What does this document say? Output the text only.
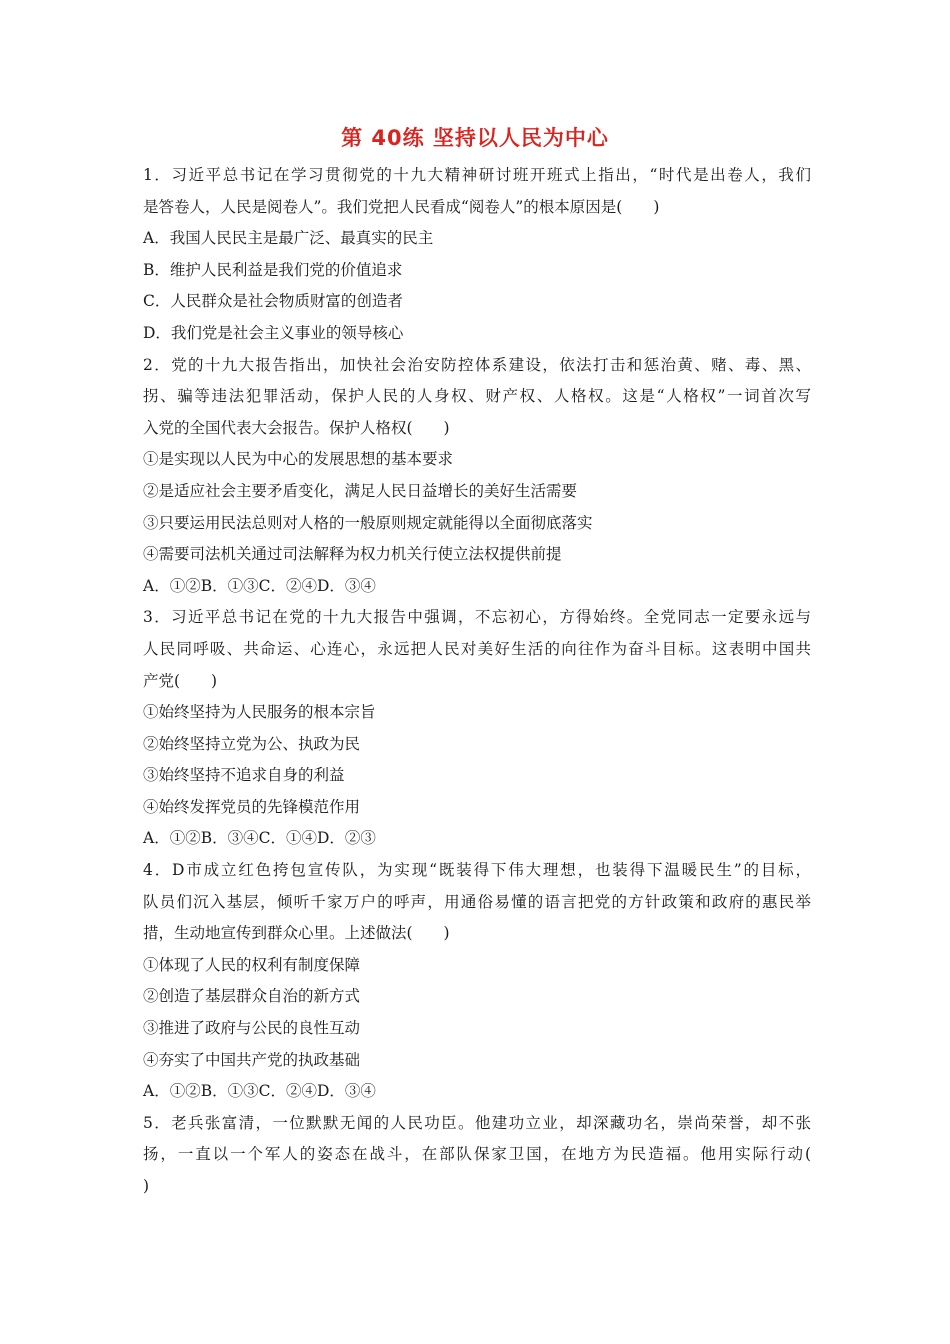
第 40练 坚持以人民为中心
1．习近平总书记在学习贯彻党的十九大精神研讨班开班式上指出，“时代是出卷人，我们
是答卷人，人民是阅卷人”。我们党把人民看成“阅卷人”的根本原因是(　　)
A．我国人民民主是最广泛、最真实的民主
B．维护人民利益是我们党的价值追求
C．人民群众是社会物质财富的创造者
D．我们党是社会主义事业的领导核心
2．党的十九大报告指出，加快社会治安防控体系建设，依法打击和惩治黄、赌、毒、黑、
拐、骗等违法犯罪活动，保护人民的人身权、财产权、人格权。这是“人格权”一词首次写
入党的全国代表大会报告。保护人格权(　　)
①是实现以人民为中心的发展思想的基本要求
②是适应社会主要矛盾变化，满足人民日益增长的美好生活需要
③只要运用民法总则对人格的一般原则规定就能得以全面彻底落实
④需要司法机关通过司法解释为权力机关行使立法权提供前提
A．①②B．①③C．②④D．③④
3．习近平总书记在党的十九大报告中强调，不忘初心，方得始终。全党同志一定要永远与
人民同呼吸、共命运、心连心，永远把人民对美好生活的向往作为奋斗目标。这表明中国共
产党(　　)
①始终坚持为人民服务的根本宗旨
②始终坚持立党为公、执政为民
③始终坚持不追求自身的利益
④始终发挥党员的先锋模范作用
A．①②B．③④C．①④D．②③
4．D市成立红色挎包宣传队，为实现“既装得下伟大理想，也装得下温暖民生”的目标，
队员们沉入基层，倾听千家万户的呼声，用通俗易懂的语言把党的方针政策和政府的惠民举
措，生动地宣传到群众心里。上述做法(　　)
①体现了人民的权利有制度保障
②创造了基层群众自治的新方式
③推进了政府与公民的良性互动
④夯实了中国共产党的执政基础
A．①②B．①③C．②④D．③④
5．老兵张富清，一位默默无闻的人民功臣。他建功立业，却深藏功名，崇尚荣誉，却不张
扬，一直以一个军人的姿态在战斗，在部队保家卫国，在地方为民造福。他用实际行动(
)
